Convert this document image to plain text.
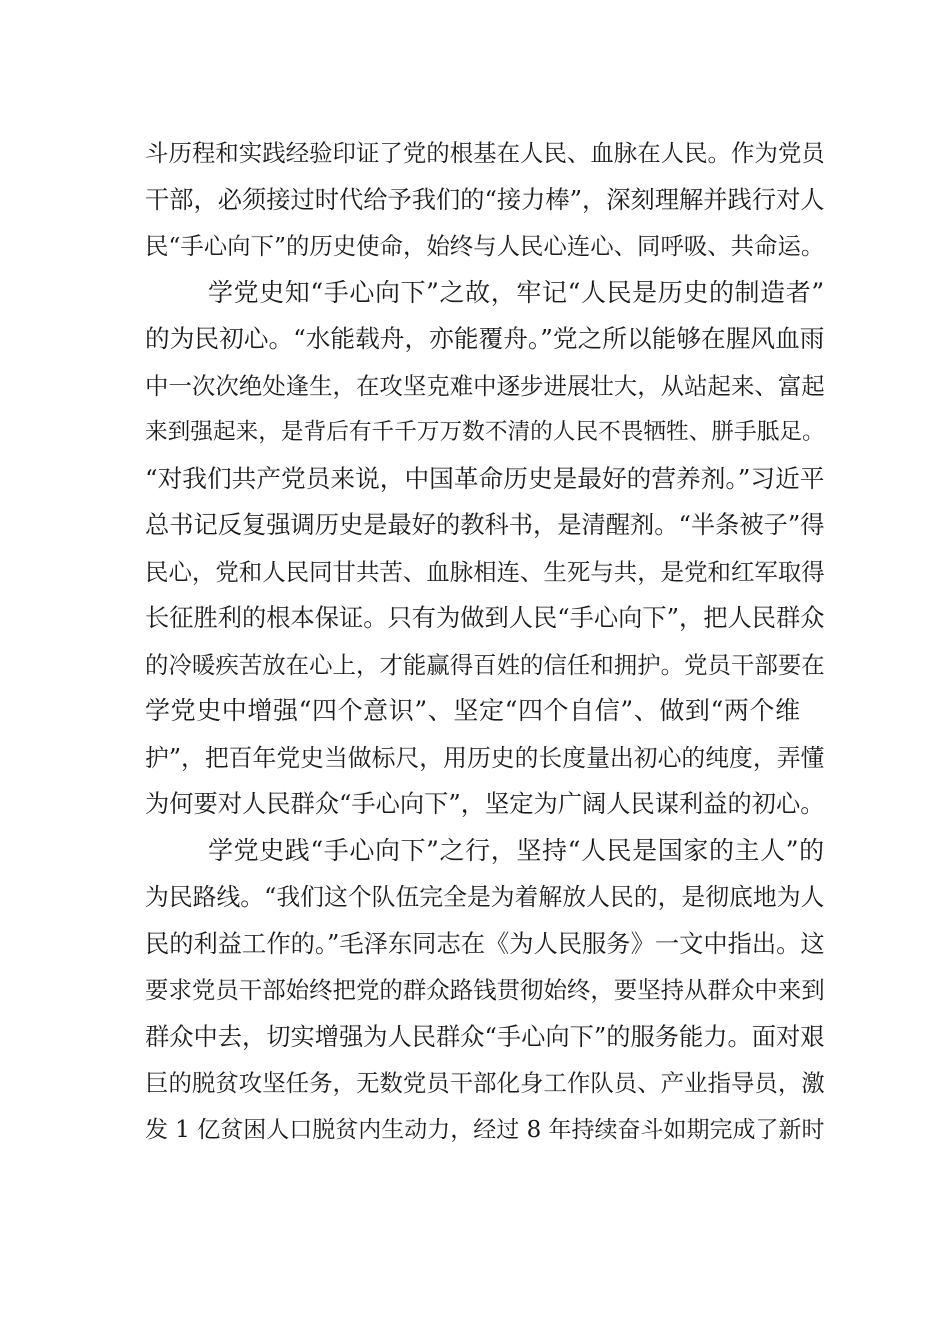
斗历程和实践经验印证了党的根基在人民、血脉在人民。作为党员
干部，必须接过时代给予我们的“接力棒”，深刻理解并践行对人
民“手心向下”的历史使命，始终与人民心连心、同呼吸、共命运。
学党史知“手心向下”之故，牢记“人民是历史的制造者”
的为民初心。“水能载舟，亦能覆舟。”党之所以能够在腥风血雨
中一次次绝处逢生，在攻坚克难中逐步进展壮大，从站起来、富起
来到强起来，是背后有千千万万数不清的人民不畏牺牲、胼手胝足。
“对我们共产党员来说，中国革命历史是最好的营养剂。”习近平
总书记反复强调历史是最好的教科书，是清醒剂。“半条被子”得
民心，党和人民同甘共苦、血脉相连、生死与共，是党和红军取得
长征胜利的根本保证。只有为做到人民“手心向下”，把人民群众
的冷暖疾苦放在心上，才能赢得百姓的信任和拥护。党员干部要在
学党史中增强“四个意识”、坚定“四个自信”、做到“两个维
护”，把百年党史当做标尺，用历史的长度量出初心的纯度，弄懂
为何要对人民群众“手心向下”，坚定为广阔人民谋利益的初心。
学党史践“手心向下”之行，坚持“人民是国家的主人”的
为民路线。“我们这个队伍完全是为着解放人民的，是彻底地为人
民的利益工作的。”毛泽东同志在《为人民服务》一文中指出。这
要求党员干部始终把党的群众路钱贯彻始终，要坚持从群众中来到
群众中去，切实增强为人民群众“手心向下”的服务能力。面对艰
巨的脱贫攻坚任务，无数党员干部化身工作队员、产业指导员，激
发 1 亿贫困人口脱贫内生动力，经过 8 年持续奋斗如期完成了新时
